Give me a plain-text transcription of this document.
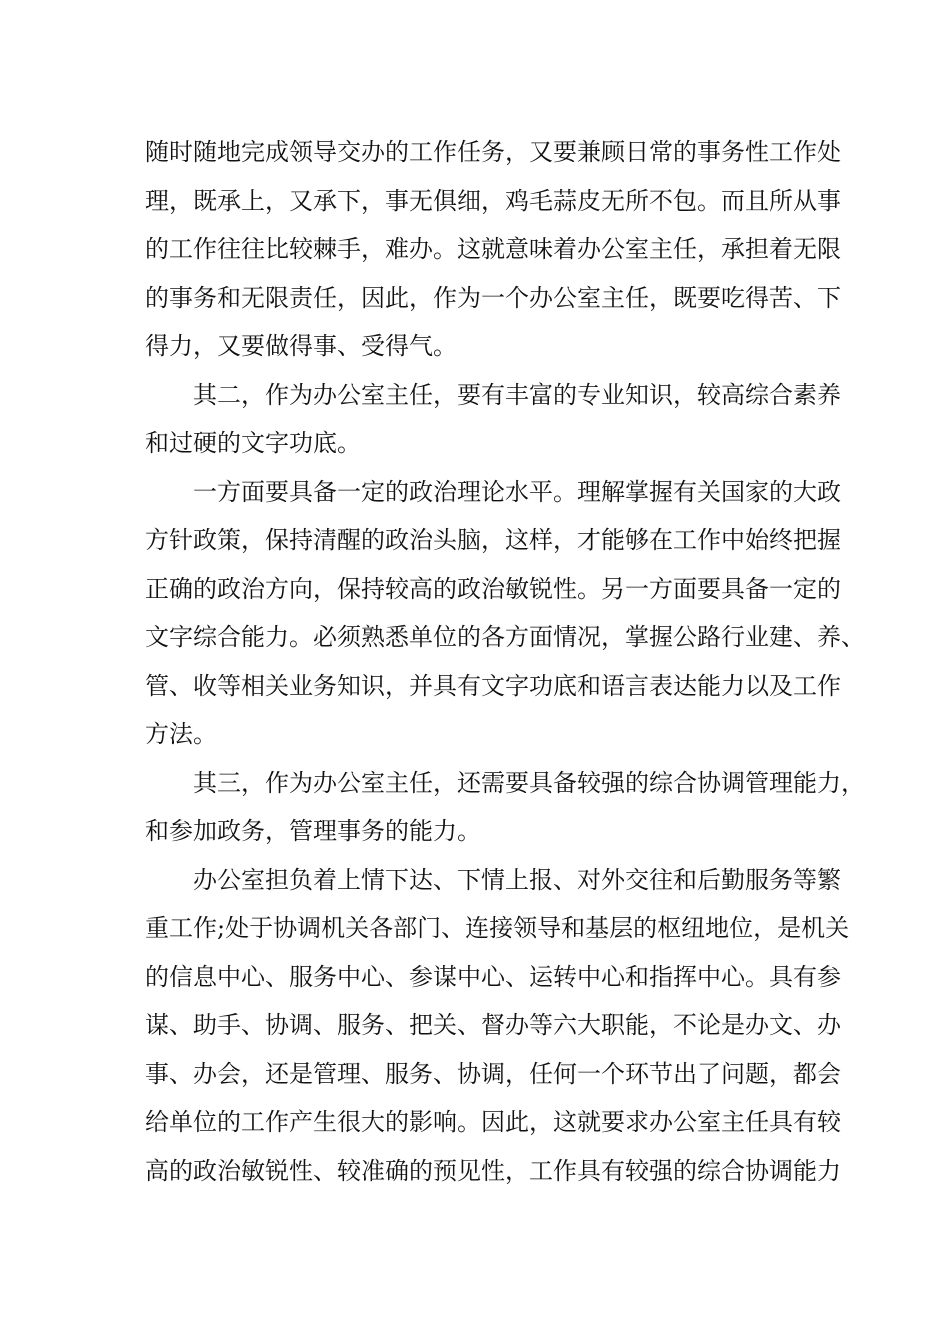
随时随地完成领导交办的工作任务，又要兼顾日常的事务性工作处
理，既承上，又承下，事无俱细，鸡毛蒜皮无所不包。而且所从事
的工作往往比较棘手，难办。这就意味着办公室主任，承担着无限
的事务和无限责任，因此，作为一个办公室主任，既要吃得苦、下
得力，又要做得事、受得气。
其二，作为办公室主任，要有丰富的专业知识，较高综合素养
和过硬的文字功底。
一方面要具备一定的政治理论水平。理解掌握有关国家的大政
方针政策，保持清醒的政治头脑，这样，才能够在工作中始终把握
正确的政治方向，保持较高的政治敏锐性。另一方面要具备一定的
文字综合能力。必须熟悉单位的各方面情况，掌握公路行业建、养、
管、收等相关业务知识，并具有文字功底和语言表达能力以及工作
方法。
其三，作为办公室主任，还需要具备较强的综合协调管理能力，
和参加政务，管理事务的能力。
办公室担负着上情下达、下情上报、对外交往和后勤服务等繁
重工作;处于协调机关各部门、连接领导和基层的枢纽地位，是机关
的信息中心、服务中心、参谋中心、运转中心和指挥中心。具有参
谋、助手、协调、服务、把关、督办等六大职能，不论是办文、办
事、办会，还是管理、服务、协调，任何一个环节出了问题，都会
给单位的工作产生很大的影响。因此，这就要求办公室主任具有较
高的政治敏锐性、较准确的预见性，工作具有较强的综合协调能力
